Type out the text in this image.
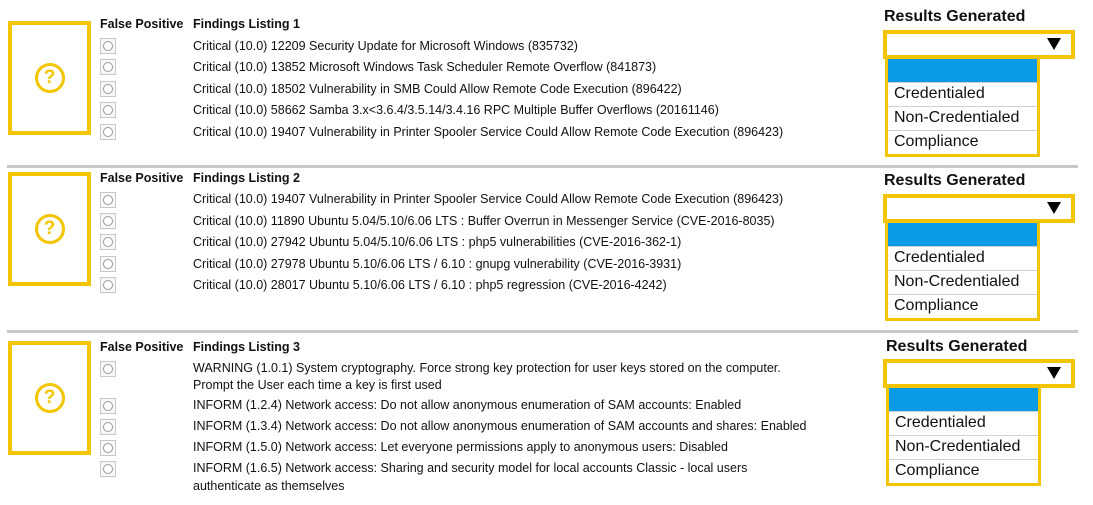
?
False Positive Findings Listing 1
Critical (10.0) 12209 Security Update for Microsoft Windows (835732)
Critical (10.0) 13852 Microsoft Windows Task Scheduler Remote Overflow (841873)
Critical (10.0) 18502 Vulnerability in SMB Could Allow Remote Code Execution (896422)
Critical (10.0) 58662 Samba 3.x<3.6.4/3.5.14/3.4.16 RPC Multiple Buffer Overflows (20161146)
Critical (10.0) 19407 Vulnerability in Printer Spooler Service Could Allow Remote Code Execution (896423)
Results Generated
Credentialed
Non-Credentialed
Compliance
?
False Positive Findings Listing 2
Critical (10.0) 19407 Vulnerability in Printer Spooler Service Could Allow Remote Code Execution (896423)
Critical (10.0) 11890 Ubuntu 5.04/5.10/6.06 LTS : Buffer Overrun in Messenger Service (CVE-2016-8035)
Critical (10.0) 27942 Ubuntu 5.04/5.10/6.06 LTS : php5 vulnerabilities (CVE-2016-362-1)
Critical (10.0) 27978 Ubuntu 5.10/6.06 LTS / 6.10 : gnupg vulnerability (CVE-2016-3931)
Critical (10.0) 28017 Ubuntu 5.10/6.06 LTS / 6.10 : php5 regression (CVE-2016-4242)
Results Generated
Credentialed
Non-Credentialed
Compliance
?
False Positive Findings Listing 3
WARNING (1.0.1) System cryptography. Force strong key protection for user keys stored on the computer.
Prompt the User each time a key is first used
INFORM (1.2.4) Network access: Do not allow anonymous enumeration of SAM accounts: Enabled
INFORM (1.3.4) Network access: Do not allow anonymous enumeration of SAM accounts and shares: Enabled
INFORM (1.5.0) Network access: Let everyone permissions apply to anonymous users: Disabled
INFORM (1.6.5) Network access: Sharing and security model for local accounts Classic - local users
authenticate as themselves
Results Generated
Credentialed
Non-Credentialed
Compliance
